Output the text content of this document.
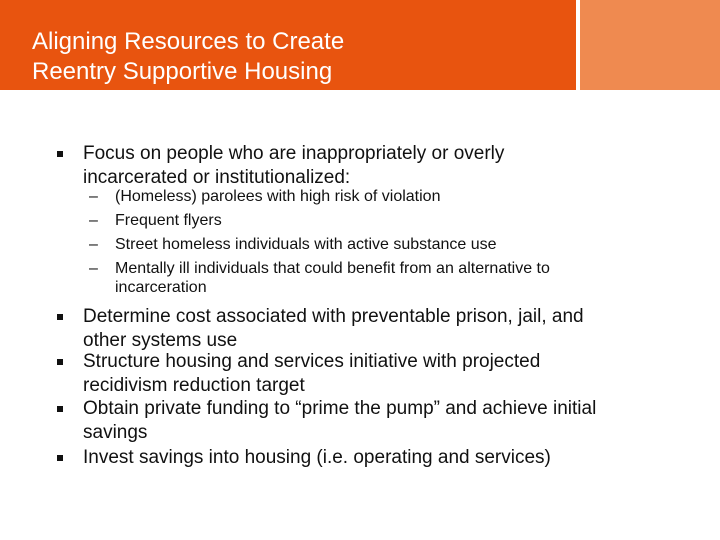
Aligning Resources to Create
Reentry Supportive Housing
Focus on people who are inappropriately or overly
incarcerated or institutionalized:
Determine cost associated with preventable prison, jail, and
other systems use
Structure housing and services initiative with projected
recidivism reduction target
Obtain private funding to “prime the pump” and achieve initial
savings
Invest savings into housing (i.e. operating and services)
– (Homeless) parolees with high risk of violation
– Frequent flyers
– Street homeless individuals with active substance use
– Mentally ill individuals that could benefit from an alternative to
incarceration
